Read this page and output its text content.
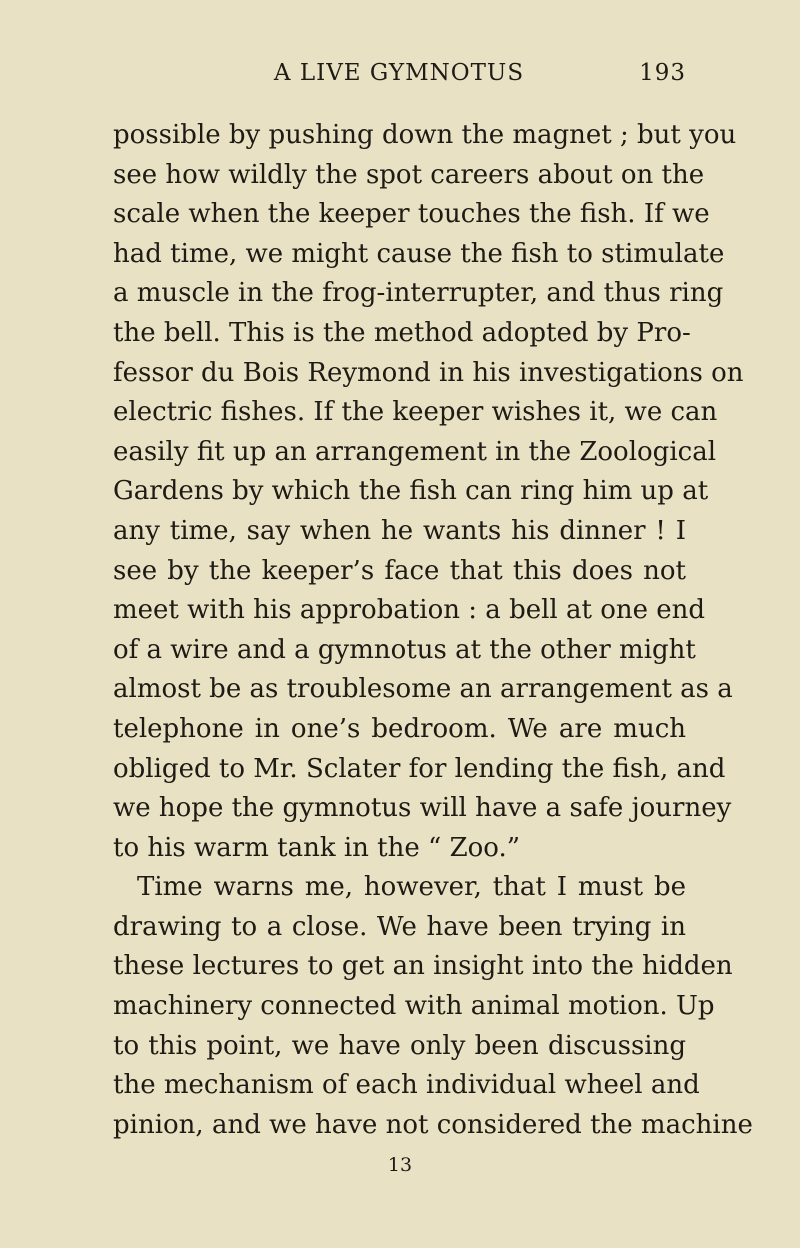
A LIVE GYMNOTUS	193
possible by pushing down the magnet ; but you
see how wildly the spot careers about on the
scale when the keeper touches the fish. If we
had time, we might cause the fish to stimulate
a muscle in the frog-interrupter, and thus ring
the bell. This is the method adopted by Pro-
fessor du Bois Reymond in his investigations on
electric fishes. If the keeper wishes it, we can
easily fit up an arrangement in the Zoological
Gardens by which the fish can ring him up at
any time, say when he wants his dinner ! I
see by the keeper’s face that this does not
meet with his approbation : a bell at one end
of a wire and a gymnotus at the other might
almost be as troublesome an arrangement as a
telephone in one’s bedroom. We are much
obliged to Mr. Sclater for lending the fish, and
we hope the gymnotus will have a safe journey
to his warm tank in the “ Zoo.”
Time warns me, however, that I must be
drawing to a close. We have been trying in
these lectures to get an insight into the hidden
machinery connected with animal motion. Up
to this point, we have only been discussing
the mechanism of each individual wheel and
pinion, and we have not considered the machine
13
